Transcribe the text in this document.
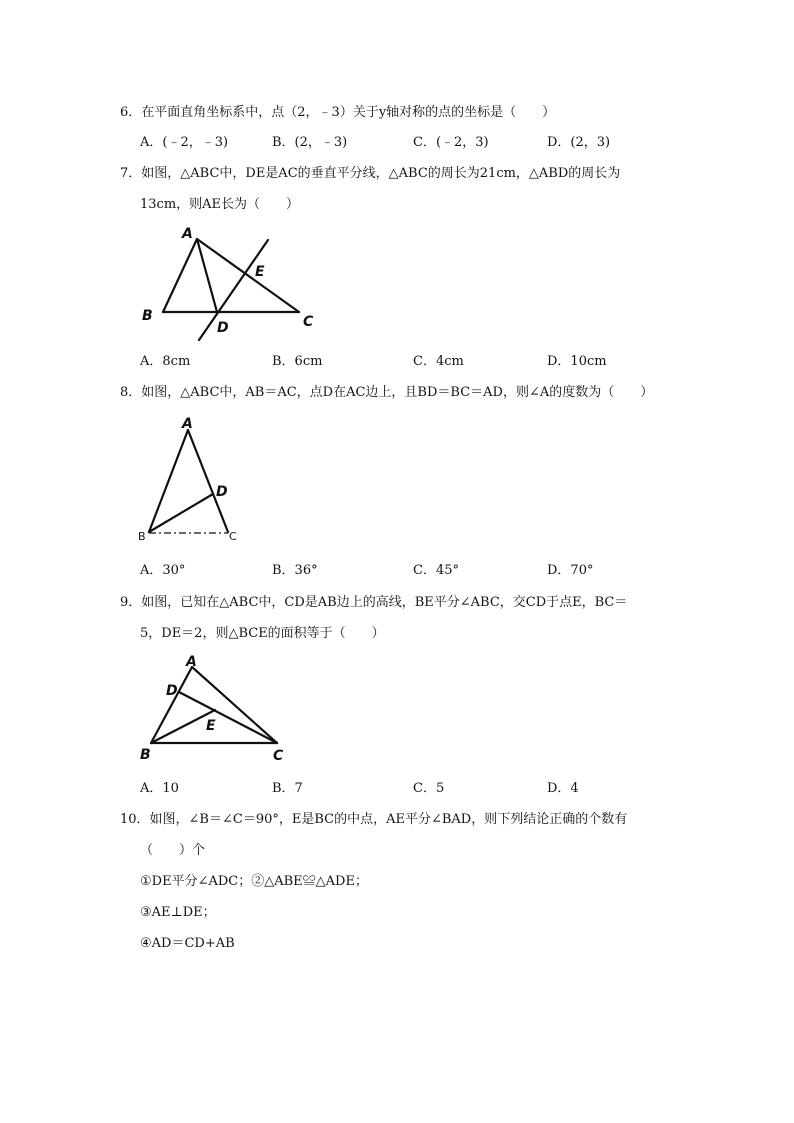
6．在平面直角坐标系中，点（2，﹣3）关于y轴对称的点的坐标是（　　）
A．(﹣2，﹣3)	B．(2，﹣3)	C．(﹣2，3)	D．(2，3)
7．如图，△ABC中，DE是AC的垂直平分线，△ABC的周长为21cm，△ABD的周长为
13cm，则AE长为（　　）
A
B	C
D
E
A．8cm	B．6cm	C．4cm	D．10cm
8．如图，△ABC中，AB＝AC，点D在AC边上，且BD＝BC＝AD，则∠A的度数为（　　）
A
B	C
D
A．30°	B．36°	C．45°	D．70°
9．如图，已知在△ABC中，CD是AB边上的高线，BE平分∠ABC，交CD于点E，BC＝
5，DE＝2，则△BCE的面积等于（　　）
A
B	C
D
E
A．10	B．7	C．5	D．4
10．如图，∠B＝∠C＝90°，E是BC的中点，AE平分∠BAD，则下列结论正确的个数有
（　　）个
①DE平分∠ADC；②△ABE≌△ADE；
③AE⊥DE；
④AD＝CD+AB
